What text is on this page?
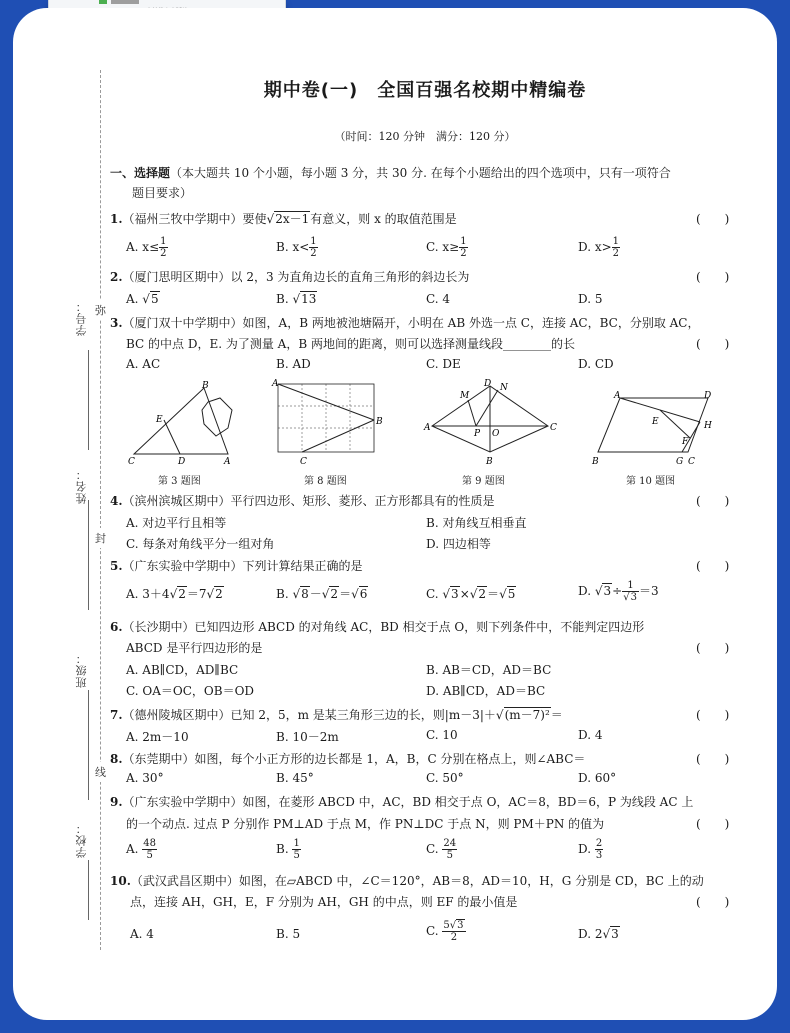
学号：
姓名：
班级：
学校：
弥
封
线
期中卷(一)　全国百强名校期中精编卷
（时间：120 分钟　满分：120 分）
一、选择题（本大题共 10 个小题，每小题 3 分，共 30 分. 在每个小题给出的四个选项中，只有一项符合
题目要求）
1.（福州三牧中学期中）要使√2x－1有意义，则 x 的取值范围是	(　　)
A. $x\le \frac{1}{2}$	B. $x< \frac{1}{2}$	C. $x\ge \frac{1}{2}$	D. $x> \frac{1}{2}$
2.（厦门思明区期中）以 2，3 为直角边长的直角三角形的斜边长为	(　　)
A. √5	B. √13	C. 4	D. 5
3.（厦门双十中学期中）如图，A，B 两地被池塘隔开，小明在 AB 外选一点 C，连接 AC，BC，分别取 AC，
BC 的中点 D，E. 为了测量 A，B 两地间的距离，则可以选择测量线段________的长	(　　)
A. AC	B. AD	C. DE	D. CD
B
E
C	D	A
第 3 题图
A
B
C
第 8 题图
D N
M
A
P O
C
B
第 9 题图
A	D
E	H
F
B	G C
第 10 题图
4.（滨州滨城区期中）平行四边形、矩形、菱形、正方形都具有的性质是	(　　)
A. 对边平行且相等	B. 对角线互相垂直
C. 每条对角线平分一组对角	D. 四边相等
5.（广东实验中学期中）下列计算结果正确的是	(　　)
A. 3＋4√2＝7√2	B. √8－√2＝√6	C. √3×√2＝√5	D. $√3\div \frac{1}{√3} =3$
6.（长沙期中）已知四边形 ABCD 的对角线 AC，BD 相交于点 O，则下列条件中，不能判定四边形
ABCD 是平行四边形的是	(　　)
A. AB∥CD，AD∥BC	B. AB＝CD，AD＝BC
C. OA＝OC，OB＝OD	D. AB∥CD，AD＝BC
7.（德州陵城区期中）已知 2，5，m 是某三角形三边的长，则|m－3|＋√(m－7)²＝	(　　)
A. 2m－10	B. 10－2m	C. 10	D. 4
8.（东莞期中）如图，每个小正方形的边长都是 1，A，B，C 分别在格点上，则∠ABC＝	(　　)
A. 30°	B. 45°	C. 50°	D. 60°
9.（广东实验中学期中）如图，在菱形 ABCD 中，AC，BD 相交于点 O，AC＝8，BD＝6，P 为线段 AC 上
的一个动点. 过点 P 分别作 PM⊥AD 于点 M，作 PN⊥DC 于点 N，则 PM＋PN 的值为	(　　)
A. $\frac{48}{5}$	B. $\frac{1}{5}$	C. $\frac{24}{5}$	D. $\frac{2}{3}$
10.（武汉武昌区期中）如图，在▱ABCD 中，∠C＝120°，AB＝8，AD＝10，H，G 分别是 CD，BC 上的动
点，连接 AH，GH，E，F 分别为 AH，GH 的中点，则 EF 的最小值是	(　　)
A. 4	B. 5	C. $\frac{5√3}{2}$	D. 2√3
